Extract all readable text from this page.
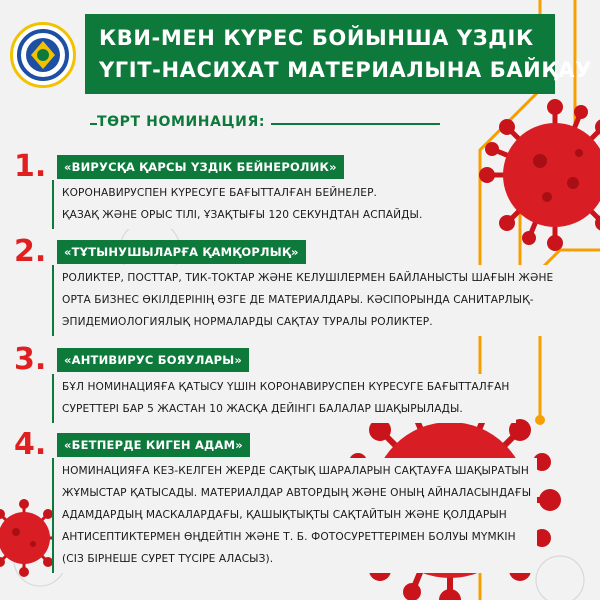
КВИ-МЕН КҮРЕС БОЙЫНША ҮЗДІК
ҮГІТ-НАСИХАТ МАТЕРИАЛЫНА БАЙҚАУ
ТӨРТ НОМИНАЦИЯ:
1.	«ВИРУСҚА ҚАРСЫ ҮЗДІК БЕЙНЕРОЛИК»

КОРОНАВИРУСПЕН КҮРЕСУГЕ БАҒЫТТАЛҒАН БЕЙНЕЛЕР.

ҚАЗАҚ ЖӘНЕ ОРЫС ТІЛІ, ҰЗАҚТЫҒЫ 120 СЕКУНДТАН АСПАЙДЫ.

2.	«ТҰТЫНУШЫЛАРҒА ҚАМҚОРЛЫҚ»

РОЛИКТЕР, ПОСТТАР, ТИК-ТОКТАР ЖӘНЕ КЕЛУШІЛЕРМЕН БАЙЛАНЫСТЫ ШАҒЫН ЖӘНЕ

ОРТА БИЗНЕС ӨКІЛДЕРІНІҢ ӨЗГЕ ДЕ МАТЕРИАЛДАРЫ. КӘСІПОРЫНДА САНИТАРЛЫҚ-

ЭПИДЕМИОЛОГИЯЛЫҚ НОРМАЛАРДЫ САҚТАУ ТУРАЛЫ РОЛИКТЕР.

3.	«АНТИВИРУС БОЯУЛАРЫ»

БҰЛ НОМИНАЦИЯҒА ҚАТЫСУ ҮШІН КОРОНАВИРУСПЕН КҮРЕСУГЕ БАҒЫТТАЛҒАН

СУРЕТТЕРІ БАР 5 ЖАСТАН 10 ЖАСҚА ДЕЙІНГІ БАЛАЛАР ШАҚЫРЫЛАДЫ.

4.	«БЕТПЕРДЕ КИГЕН АДАМ»

НОМИНАЦИЯҒА КЕЗ-КЕЛГЕН ЖЕРДЕ САҚТЫҚ ШАРАЛАРЫН САҚТАУҒА ШАҚЫРАТЫН

ЖҰМЫСТАР ҚАТЫСАДЫ. МАТЕРИАЛДАР АВТОРДЫҢ ЖӘНЕ ОНЫҢ АЙНАЛАСЫНДАҒЫ

АДАМДАРДЫҢ МАСКАЛАРДАҒЫ, ҚАШЫҚТЫҚТЫ САҚТАЙТЫН ЖӘНЕ ҚОЛДАРЫН

АНТИСЕПТИКТЕРМЕН ӨҢДЕЙТІН ЖӘНЕ Т. Б. ФОТОСУРЕТТЕРІМЕН БОЛУЫ МҮМКІН

(СІЗ БІРНЕШЕ СУРЕТ ТҮСІРЕ АЛАСЫЗ).
